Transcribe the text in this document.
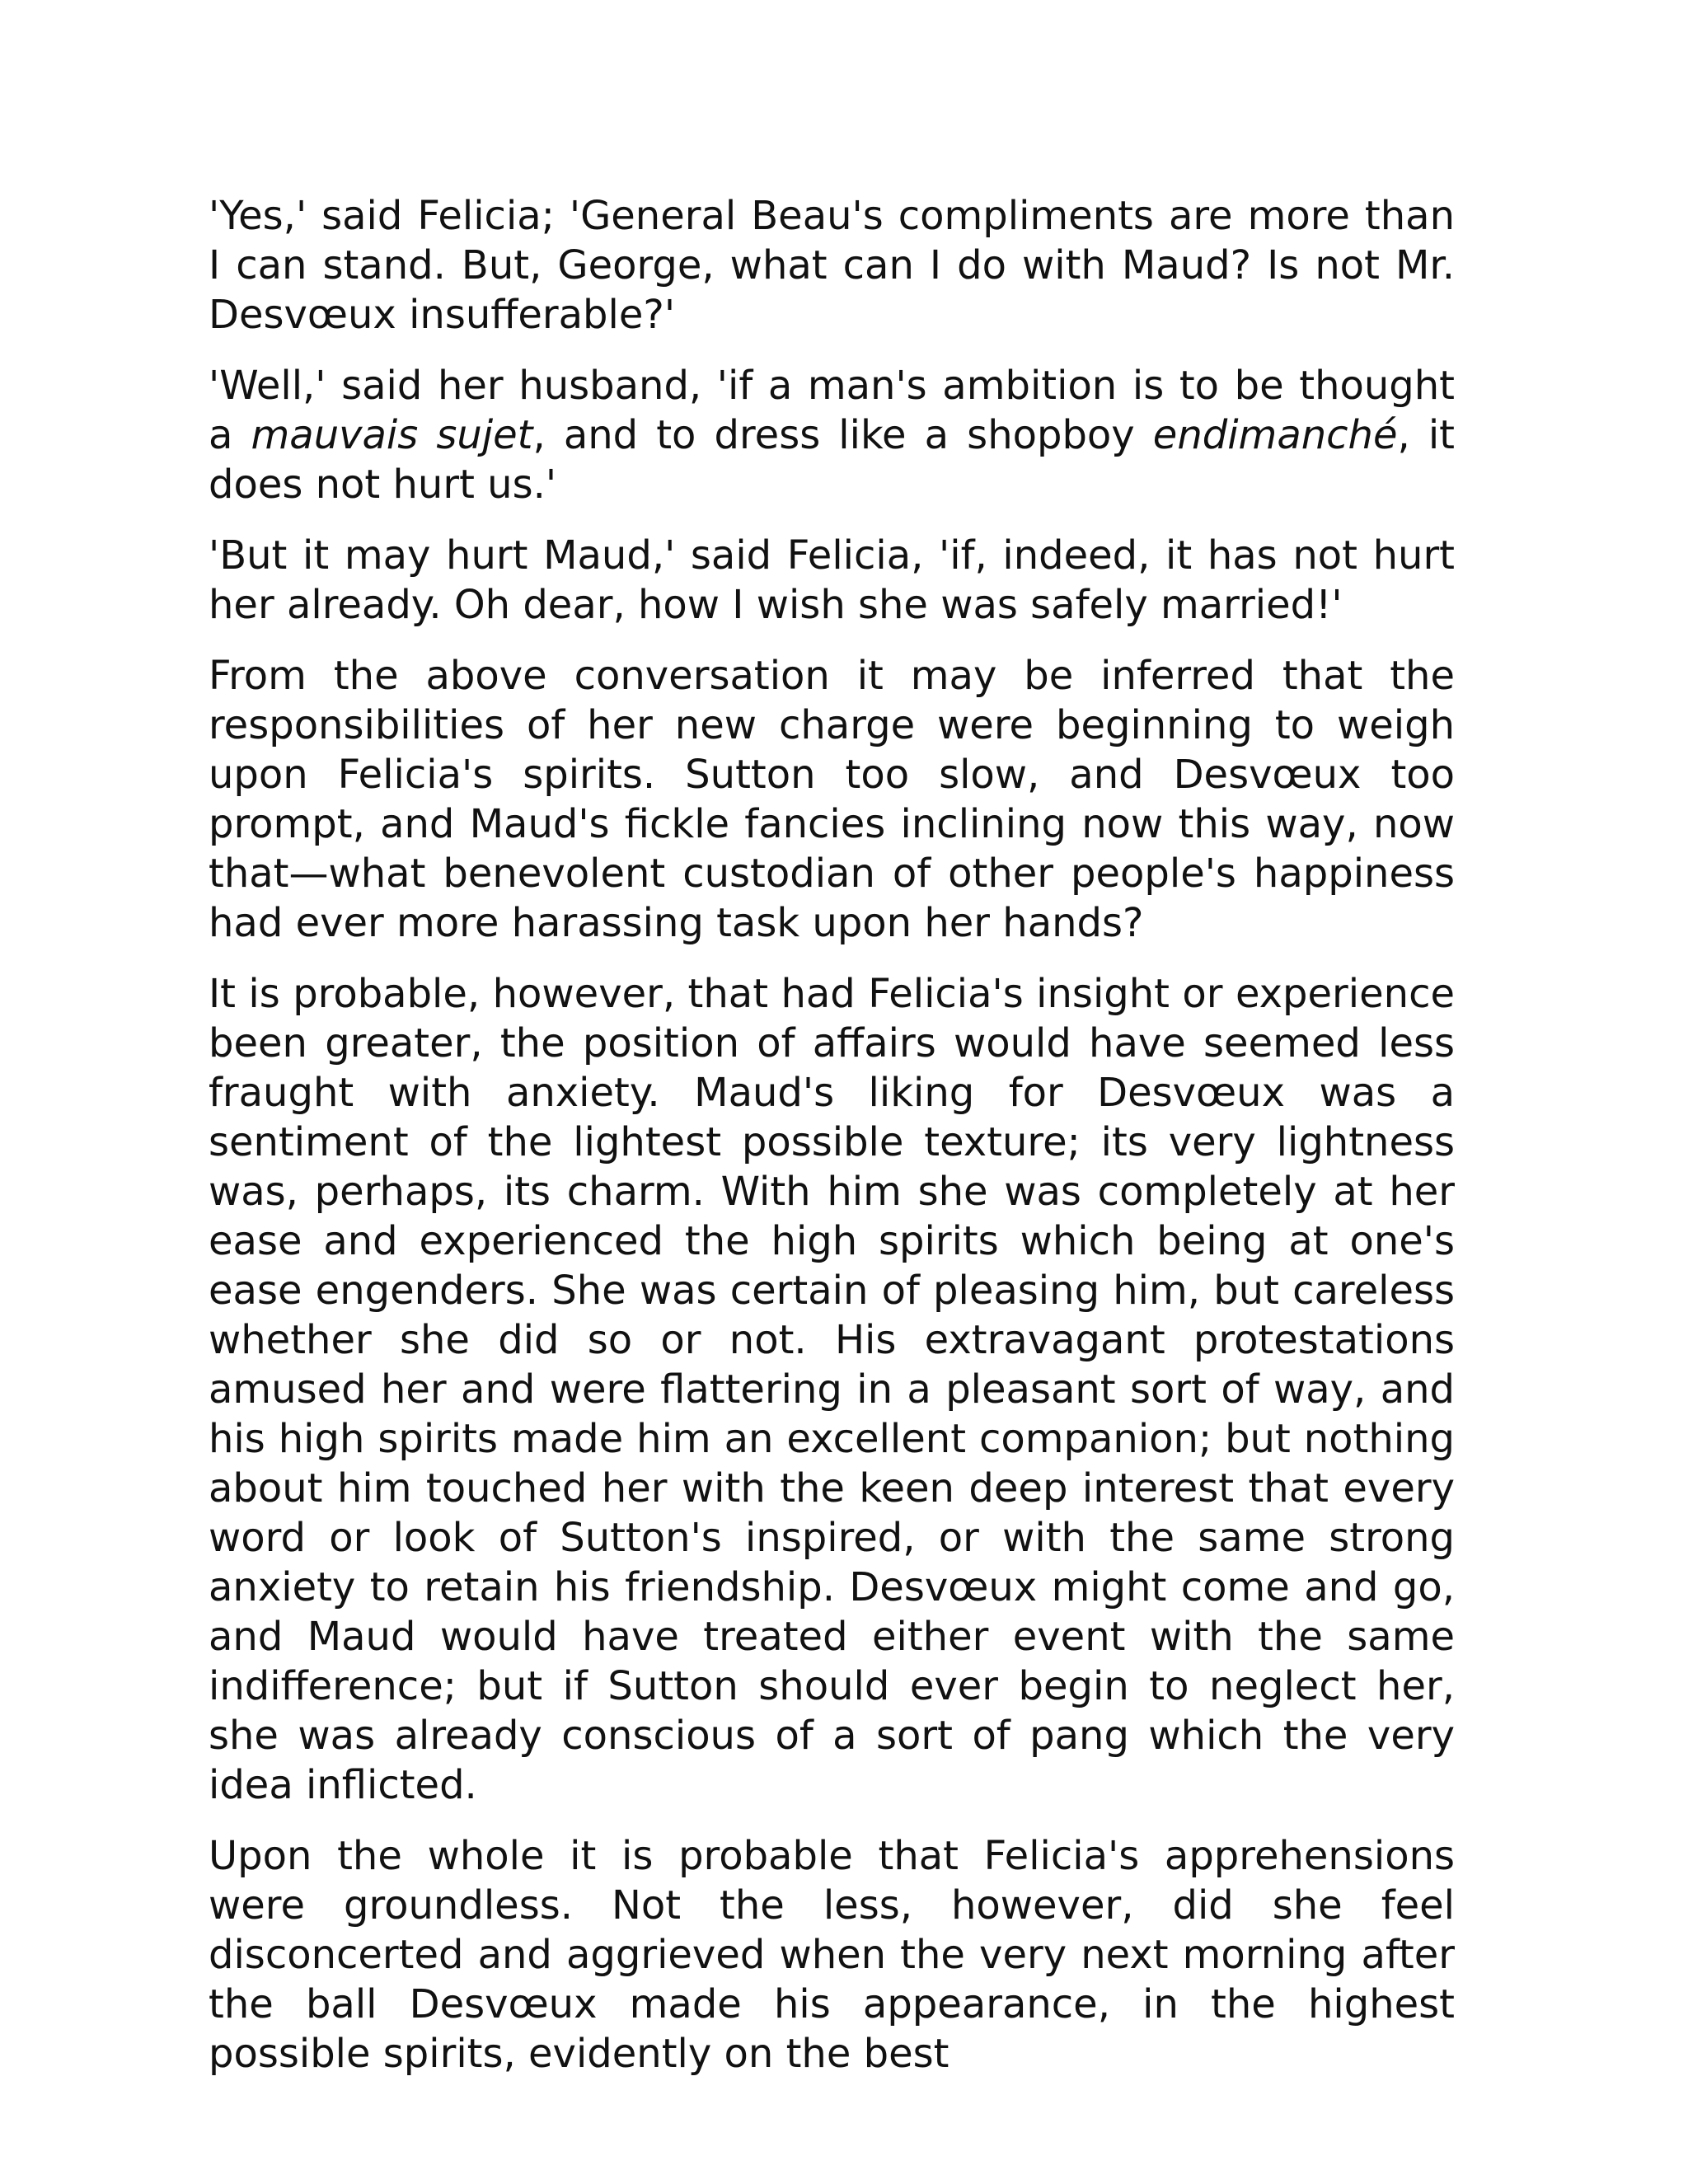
'Yes,' said Felicia; 'General Beau's compliments are more than I can stand. But, George, what can I do with Maud? Is not Mr. Desvœux insufferable?'

'Well,' said her husband, 'if a man's ambition is to be thought a mauvais sujet, and to dress like a shopboy endimanché, it does not hurt us.'

'But it may hurt Maud,' said Felicia, 'if, indeed, it has not hurt her already. Oh dear, how I wish she was safely married!'

From the above conversation it may be inferred that the responsibilities of her new charge were beginning to weigh upon Felicia's spirits. Sutton too slow, and Desvœux too prompt, and Maud's fickle fancies inclining now this way, now that—what benevolent custodian of other people's happiness had ever more harassing task upon her hands?

It is probable, however, that had Felicia's insight or experience been greater, the position of affairs would have seemed less fraught with anxiety. Maud's liking for Desvœux was a sentiment of the lightest possible texture; its very lightness was, perhaps, its charm. With him she was completely at her ease and experienced the high spirits which being at one's ease engenders. She was certain of pleasing him, but careless whether she did so or not. His extravagant protestations amused her and were flattering in a pleasant sort of way, and his high spirits made him an excellent companion; but nothing about him touched her with the keen deep interest that every word or look of Sutton's inspired, or with the same strong anxiety to retain his friendship. Desvœux might come and go, and Maud would have treated either event with the same indifference; but if Sutton should ever begin to neglect her, she was already conscious of a sort of pang which the very idea inflicted.

Upon the whole it is probable that Felicia's apprehensions were groundless. Not the less, however, did she feel disconcerted and aggrieved when the very next morning after the ball Desvœux made his appearance, in the highest possible spirits, evidently on the best
